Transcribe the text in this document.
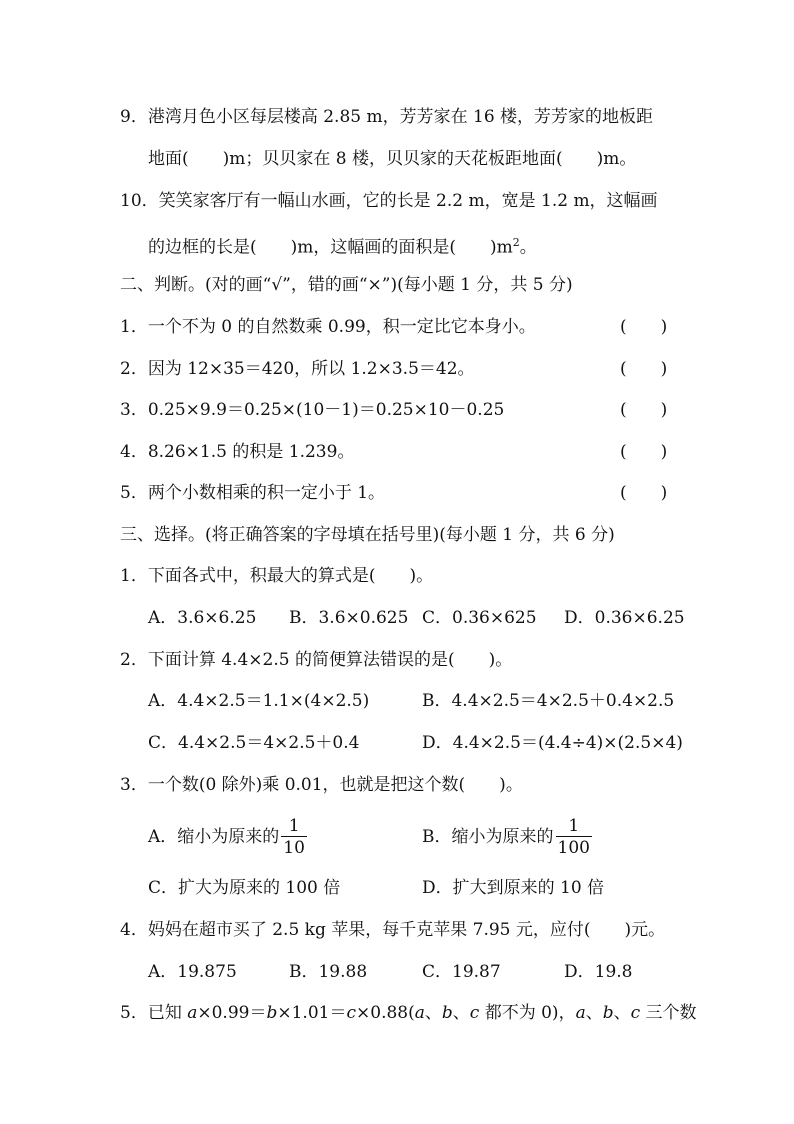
9．港湾月色小区每层楼高 2.85 m，芳芳家在 16 楼，芳芳家的地板距
地面(　　)m；贝贝家在 8 楼，贝贝家的天花板距地面(　　)m。
10．笑笑家客厅有一幅山水画，它的长是 2.2 m，宽是 1.2 m，这幅画
的边框的长是(　　)m，这幅画的面积是(　　)$m^2$。
二、判断。(对的画“√”，错的画“×”)(每小题 1 分，共 5 分)
1．一个不为 0 的自然数乘 0.99，积一定比它本身小。	(　　)
2．因为 12×35＝420，所以 1.2×3.5＝42。	(　　)
3．0.25×9.9＝0.25×(10－1)＝0.25×10－0.25	(　　)
4．8.26×1.5 的积是 1.239。	(　　)
5．两个小数相乘的积一定小于 1。	(　　)
三、选择。(将正确答案的字母填在括号里)(每小题 1 分，共 6 分)
1．下面各式中，积最大的算式是(　　)。
A．3.6×6.25 B．3.6×0.625 C．0.36×625 D．0.36×6.25
2．下面计算 4.4×2.5 的简便算法错误的是(　　)。
A．4.4×2.5＝1.1×(4×2.5)	B．4.4×2.5＝4×2.5＋0.4×2.5
C．4.4×2.5＝4×2.5＋0.4	D．4.4×2.5＝(4.4÷4)×(2.5×4)
3．一个数(0 除外)乘 0.01，也就是把这个数(　　)。
A．缩小为原来的 $\frac{1}{10}$	B．缩小为原来的 $\frac{1}{100}$
C．扩大为原来的 100 倍	D．扩大到原来的 10 倍
4．妈妈在超市买了 2.5 kg 苹果，每千克苹果 7.95 元，应付(　　)元。
A．19.875	B．19.88	C．19.87	D．19.8
5．已知 a×0.99＝b×1.01＝c×0.88(a、b、c 都不为 0)，a、b、c 三个数
